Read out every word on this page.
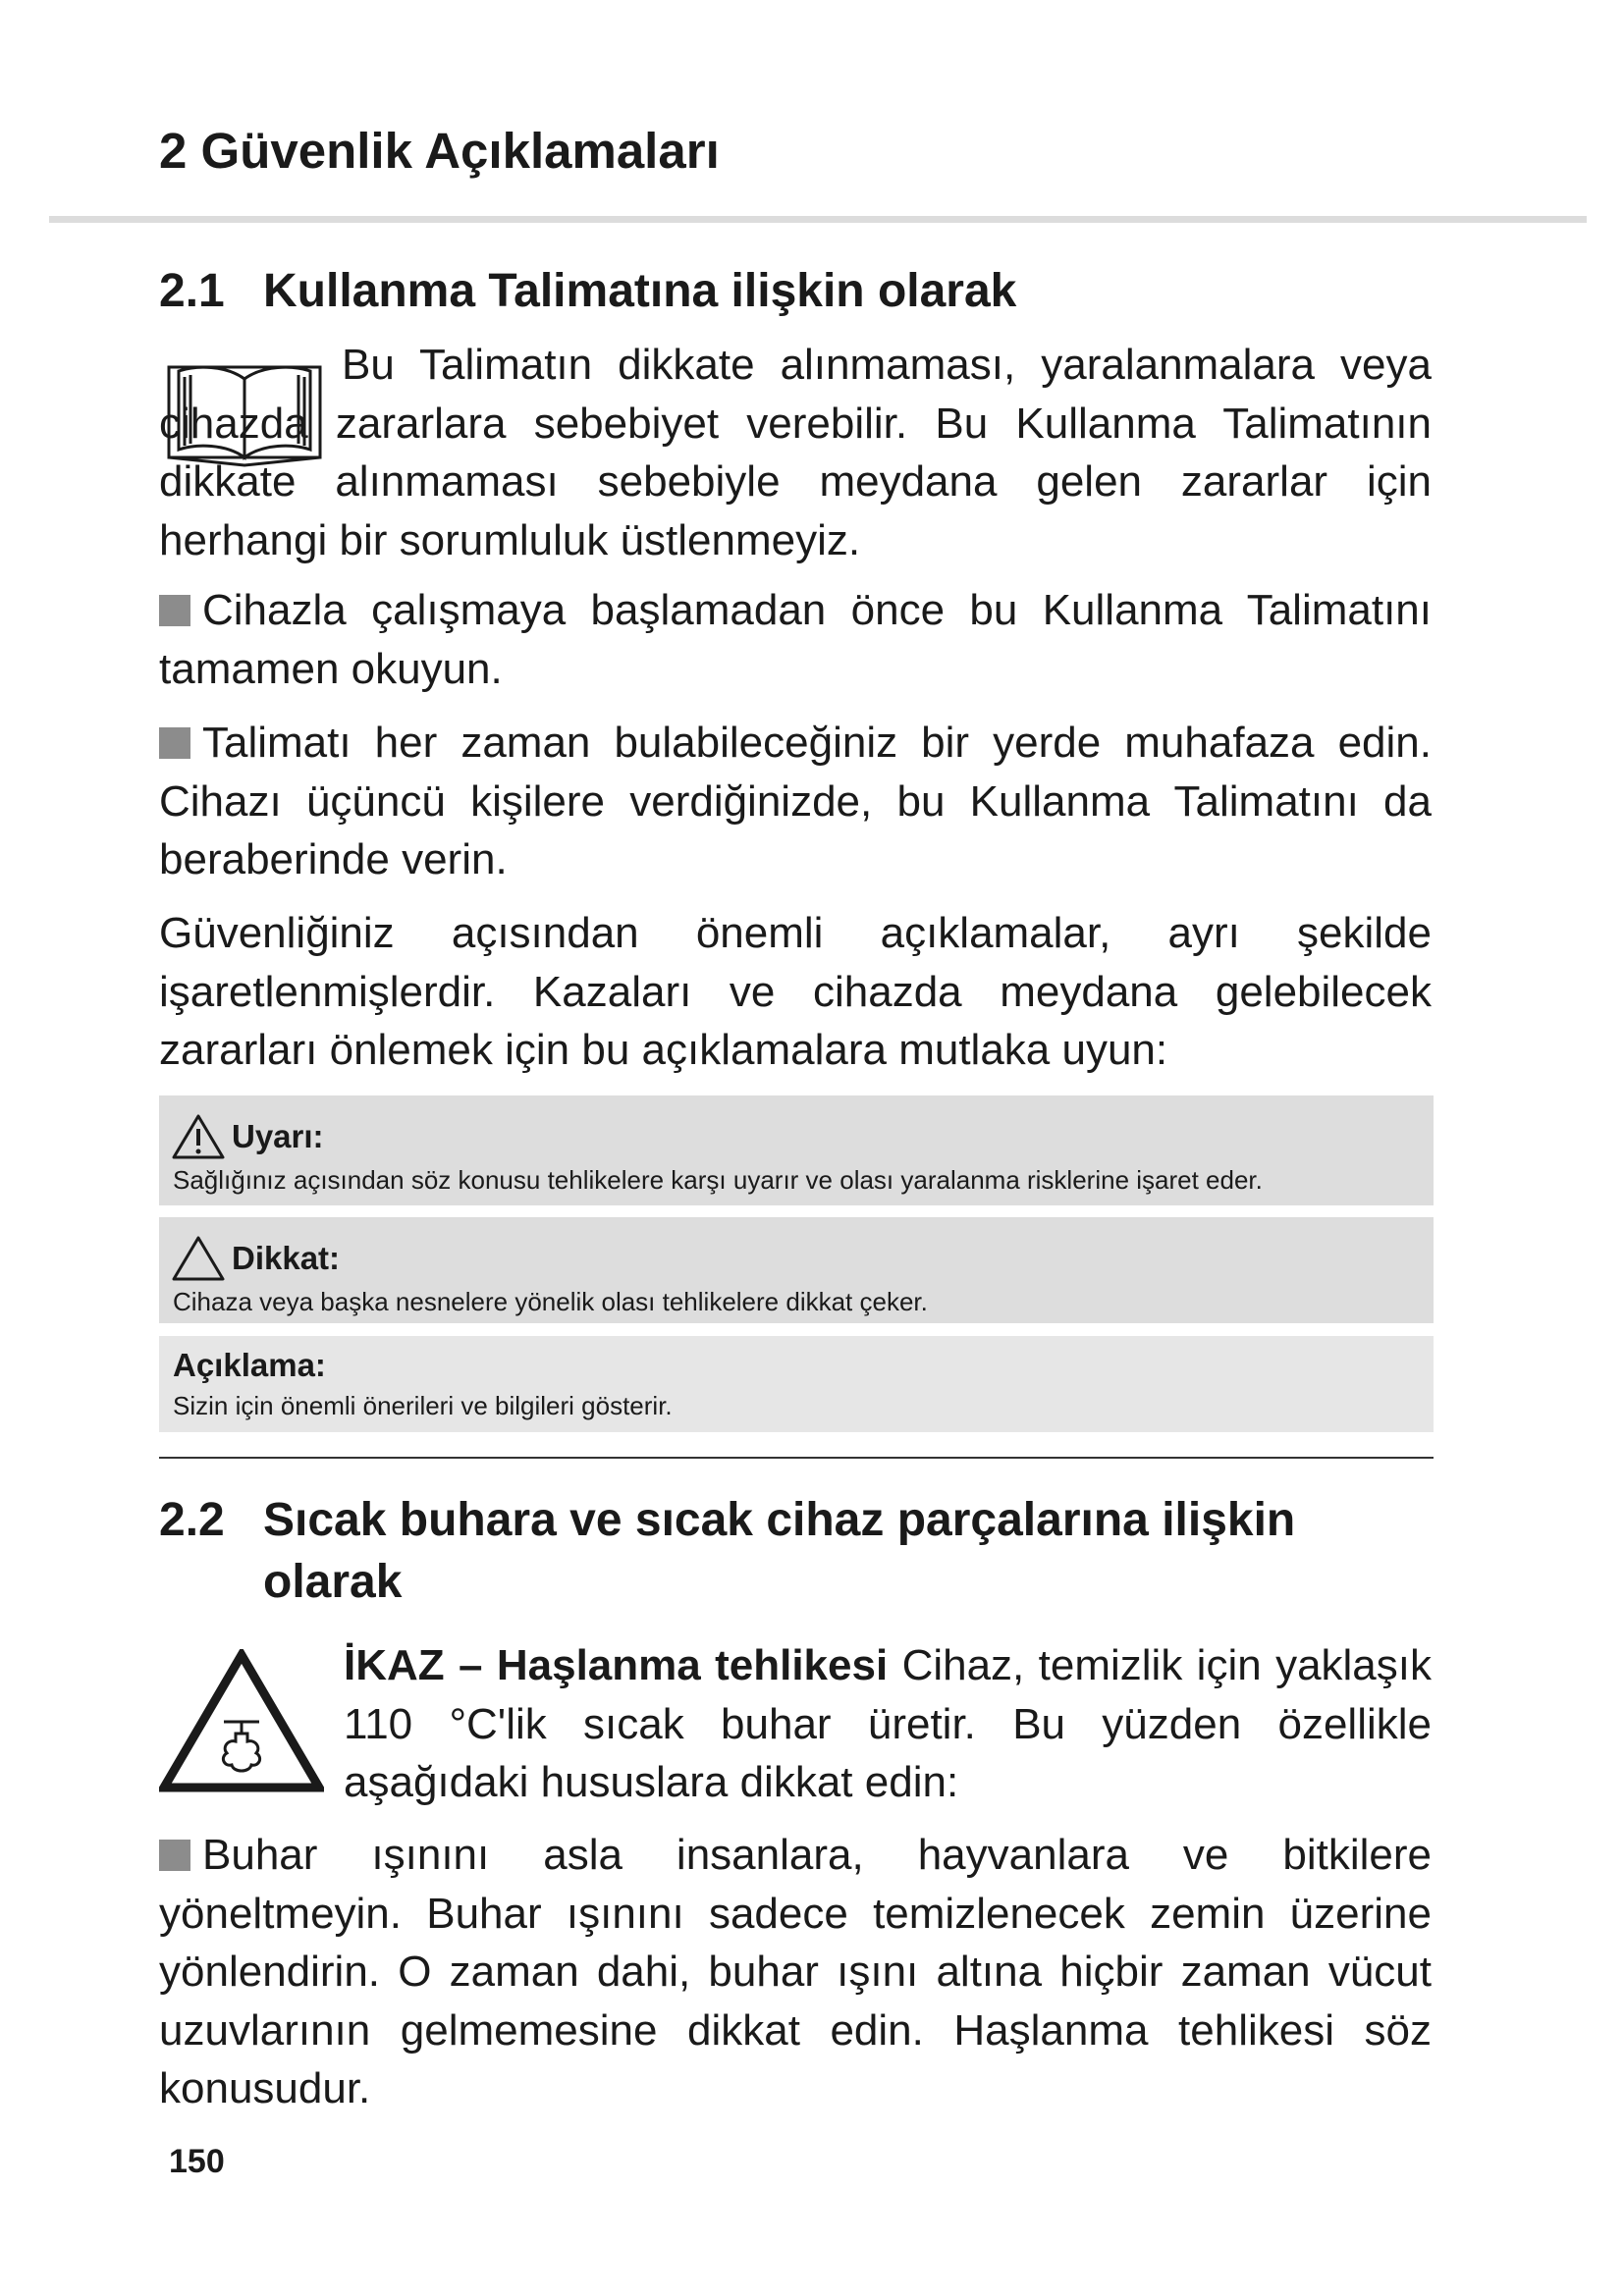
2 Güvenlik Açıklamaları
2.1 Kullanma Talimatına ilişkin olarak

Bu Talimatın dikkate alınmaması, yaralanmalara veya cihazda zararlara sebebiyet verebilir. Bu Kullanma Talimatının dikkate alınmaması sebebiyle meydana gelen zararlar için herhangi bir sorumluluk üstlenmeyiz.

Cihazla çalışmaya başlamadan önce bu Kullanma Talimatını tamamen okuyun.

Talimatı her zaman bulabileceğiniz bir yerde muhafaza edin. Cihazı üçüncü kişilere verdiğinizde, bu Kullanma Talimatını da beraberinde verin.

Güvenliğiniz açısından önemli açıklamalar, ayrı şekilde işaretlenmişlerdir. Kazaları ve cihazda meydana gelebilecek zararları önlemek için bu açıklamalara mutlaka uyun:

Uyarı:
Sağlığınız açısından söz konusu tehlikelere karşı uyarır ve olası yaralanma risklerine işaret eder.
Dikkat:
Cihaza veya başka nesnelere yönelik olası tehlikelere dikkat çeker.
Açıklama:
Sizin için önemli önerileri ve bilgileri gösterir.
2.2 Sıcak buhara ve sıcak cihaz parçalarına ilişkin olarak

İKAZ – Haşlanma tehlikesi Cihaz, temizlik için yaklaşık 110 °C'lik sıcak buhar üretir. Bu yüzden özellikle aşağıdaki hususlara dikkat edin:

Buhar ışınını asla insanlara, hayvanlara ve bitkilere yöneltmeyin. Buhar ışınını sadece temizlenecek zemin üzerine yönlendirin. O zaman dahi, buhar ışını altına hiçbir zaman vücut uzuvlarının gelmemesine dikkat edin. Haşlanma tehlikesi söz konusudur.

150
